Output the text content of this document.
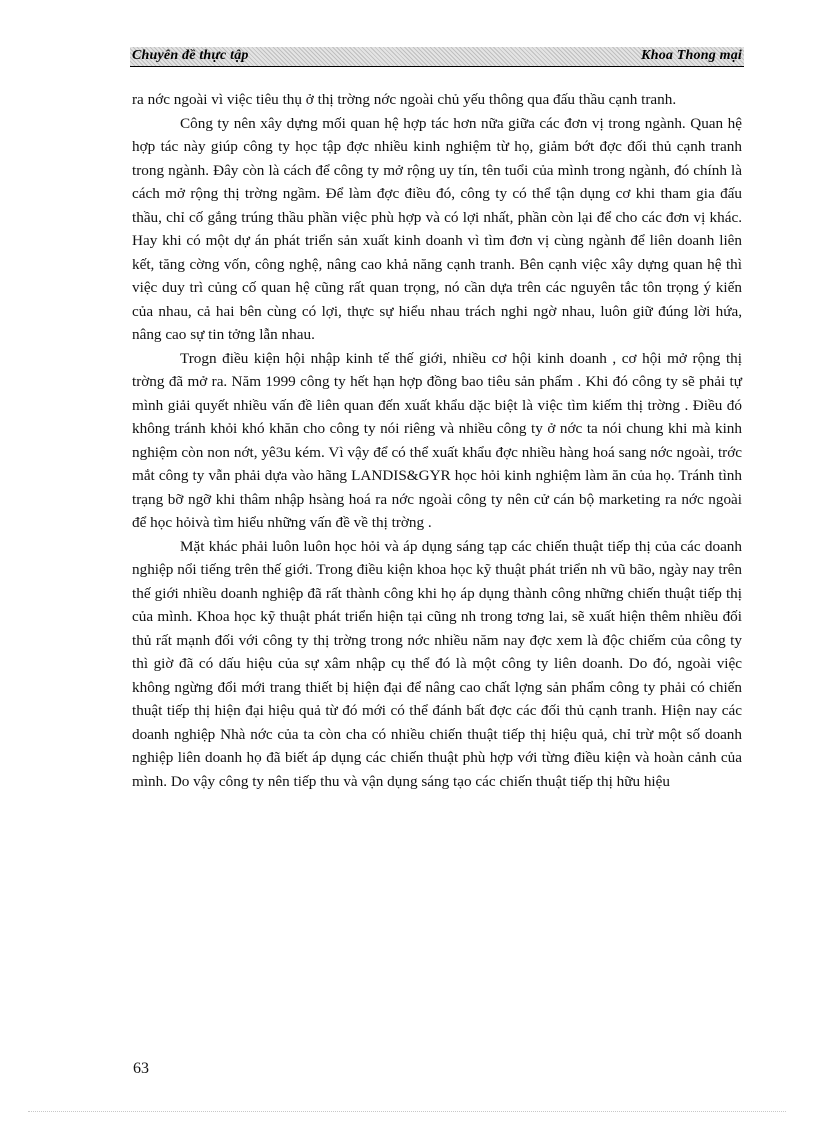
Chuyên đề thực tập	Khoa Thong mại

ra nớc ngoài vì việc tiêu thụ ở thị trờng nớc ngoài chủ yếu thông qua đấu thầu cạnh tranh.

Công ty nên xây dựng mối quan hệ hợp tác hơn nữa giữa các đơn vị trong ngành. Quan hệ hợp tác này giúp công ty học tập đợc nhiều kinh nghiệm từ họ, giảm bớt đợc đối thủ cạnh tranh trong ngành. Đây còn là cách để công ty mở rộng uy tín, tên tuổi của mình trong ngành, đó chính là cách mở rộng thị trờng ngầm. Để làm đợc điều đó, công ty có thể tận dụng cơ khi tham gia đấu thầu, chỉ cố gắng trúng thầu phần việc phù hợp và có lợi nhất, phần còn lại để cho các đơn vị khác. Hay khi có một dự án phát triển sản xuất kinh doanh vì tìm đơn vị cùng ngành để liên doanh liên kết, tăng cờng vốn, công nghệ, nâng cao khả năng cạnh tranh. Bên cạnh việc xây dựng quan hệ thì việc duy trì củng cố quan hệ cũng rất quan trọng, nó cần dựa trên các nguyên tắc tôn trọng ý kiến của nhau, cả hai bên cùng có lợi, thực sự hiểu nhau trách nghi ngờ nhau, luôn giữ đúng lời hứa, nâng cao sự tin tởng lẫn nhau.

Trogn điều kiện hội nhập kinh tế thế giới, nhiều cơ hội kinh doanh , cơ hội mở rộng thị trờng đã mở ra. Năm 1999 công ty hết hạn hợp đồng bao tiêu sản phẩm . Khi đó công ty sẽ phải tự mình giải quyết nhiều vấn đề liên quan đến xuất khẩu dặc biệt là việc tìm kiếm thị trờng . Điều đó không tránh khỏi khó khăn cho công ty nói riêng và nhiều công ty ở nớc ta nói chung khi mà kinh nghiệm còn non nớt, yê3u kém. Vì vậy để có thể xuất khẩu đợc nhiều hàng hoá sang nớc ngoài, trớc mắt công ty vẫn phải dựa vào hãng LANDIS&GYR học hỏi kinh nghiệm làm ăn của họ. Tránh tình trạng bỡ ngỡ khi thâm nhập hsàng hoá ra nớc ngoài công ty nên cử cán bộ marketing ra nớc ngoài để học hỏivà tìm hiểu những vấn đề về thị trờng .

Mặt khác phải luôn luôn học hỏi và áp dụng sáng tạp các chiến thuật tiếp thị của các doanh nghiệp nổi tiếng trên thế giới. Trong điều kiện khoa học kỹ thuật phát triển nh vũ bão, ngày nay trên thế giới nhiều doanh nghiệp đã rất thành công khi họ áp dụng thành công những chiến thuật tiếp thị của mình. Khoa học kỹ thuật phát triển hiện tại cũng nh trong tơng lai, sẽ xuất hiện thêm nhiều đối thủ rất mạnh đối với công ty thị trờng trong nớc nhiều năm nay đợc xem là độc chiếm của công ty thì giờ đã có dấu hiệu của sự xâm nhập cụ thể đó là một công ty liên doanh. Do đó, ngoài việc không ngừng đổi mới trang thiết bị hiện đại để nâng cao chất lợng sản phẩm công ty phải có chiến thuật tiếp thị hiện đại hiệu quả từ đó mới có thể đánh bất đợc các đối thủ cạnh tranh. Hiện nay các doanh nghiệp Nhà nớc của ta còn cha có nhiều chiến thuật tiếp thị hiệu quả, chỉ trừ một số doanh nghiệp liên doanh họ đã biết áp dụng các chiến thuật phù hợp với từng điều kiện và hoàn cảnh của mình. Do vậy công ty nên tiếp thu và vận dụng sáng tạo các chiến thuật tiếp thị hữu hiệu

63
